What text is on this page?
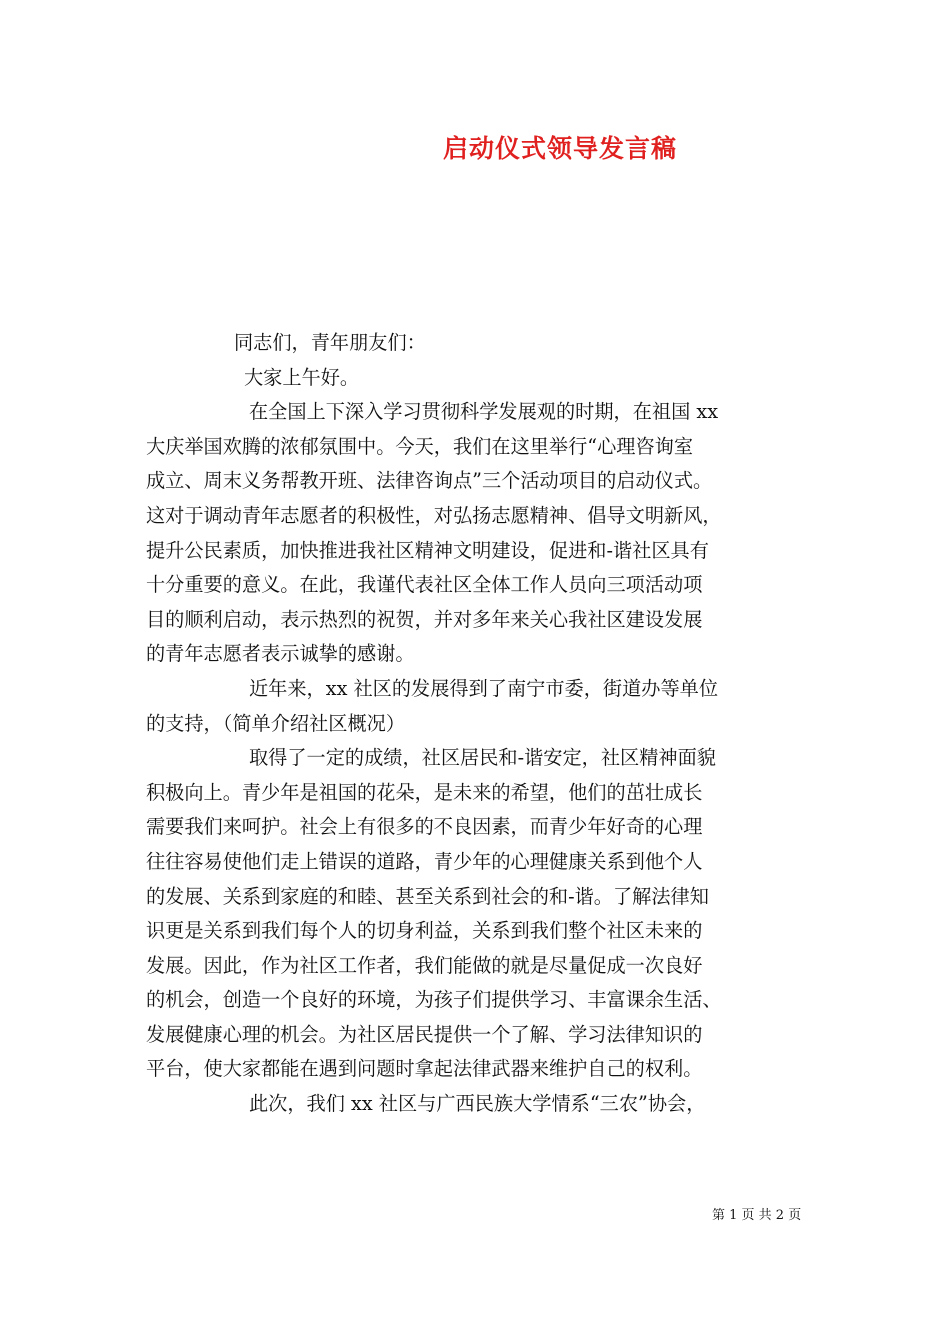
启动仪式领导发言稿
同志们，青年朋友们：
大家上午好。
在全国上下深入学习贯彻科学发展观的时期，在祖国 xx
大庆举国欢腾的浓郁氛围中。今天，我们在这里举行“心理咨询室
成立、周末义务帮教开班、法律咨询点”三个活动项目的启动仪式。
这对于调动青年志愿者的积极性，对弘扬志愿精神、倡导文明新风，
提升公民素质，加快推进我社区精神文明建设，促进和-谐社区具有
十分重要的意义。在此，我谨代表社区全体工作人员向三项活动项
目的顺利启动，表示热烈的祝贺，并对多年来关心我社区建设发展
的青年志愿者表示诚挚的感谢。
近年来，xx 社区的发展得到了南宁市委，街道办等单位
的支持，（简单介绍社区概况）
取得了一定的成绩，社区居民和-谐安定，社区精神面貌
积极向上。青少年是祖国的花朵，是未来的希望，他们的茁壮成长
需要我们来呵护。社会上有很多的不良因素，而青少年好奇的心理
往往容易使他们走上错误的道路，青少年的心理健康关系到他个人
的发展、关系到家庭的和睦、甚至关系到社会的和-谐。了解法律知
识更是关系到我们每个人的切身利益，关系到我们整个社区未来的
发展。因此，作为社区工作者，我们能做的就是尽量促成一次良好
的机会，创造一个良好的环境，为孩子们提供学习、丰富课余生活、
发展健康心理的机会。为社区居民提供一个了解、学习法律知识的
平台，使大家都能在遇到问题时拿起法律武器来维护自己的权利。
此次，我们 xx 社区与广西民族大学情系“三农”协会，
第 1 页 共 2 页
